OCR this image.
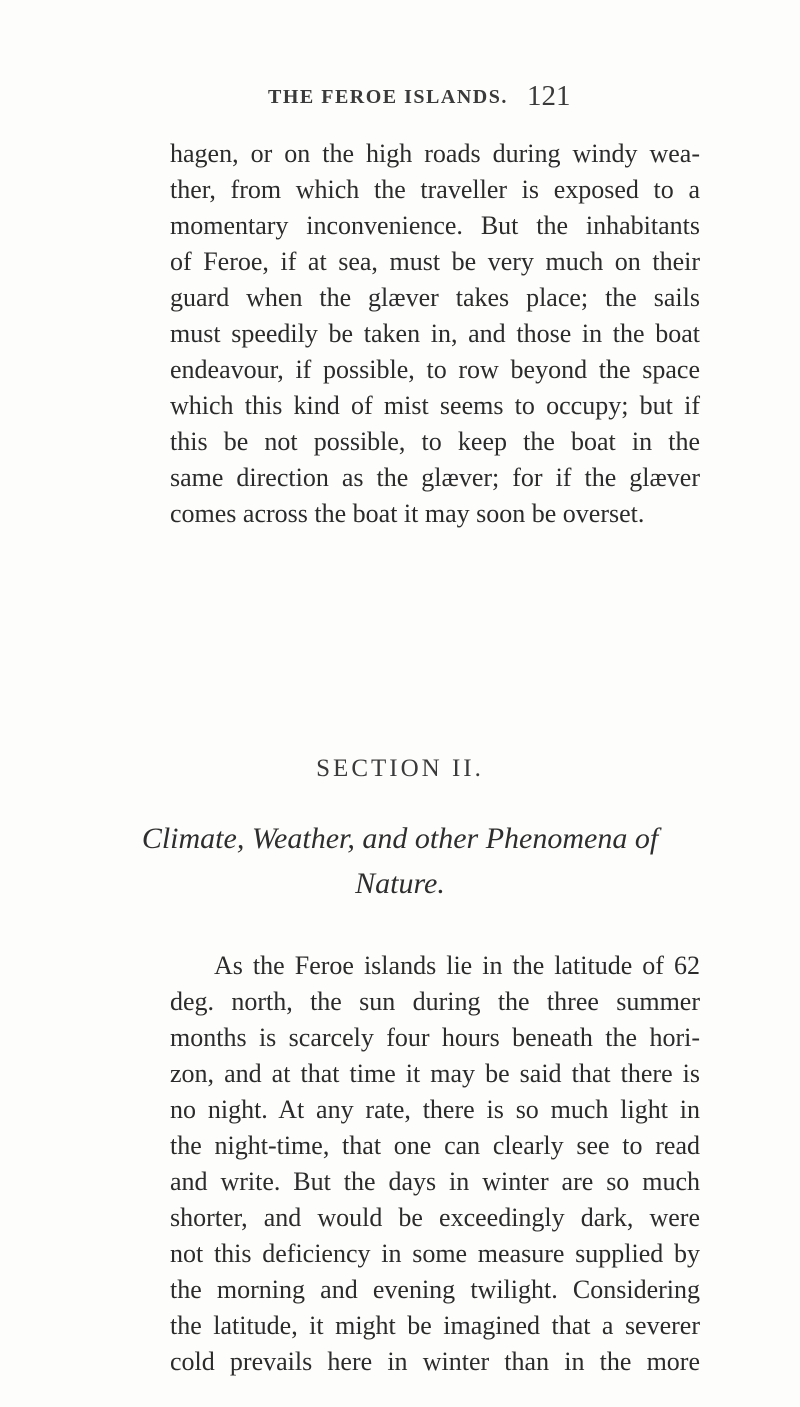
THE FEROE ISLANDS. 121
hagen, or on the high roads during windy wea-
ther, from which the traveller is exposed to a
momentary inconvenience. But the inhabitants
of Feroe, if at sea, must be very much on their
guard when the glæver takes place; the sails
must speedily be taken in, and those in the boat
endeavour, if possible, to row beyond the space
which this kind of mist seems to occupy; but if
this be not possible, to keep the boat in the
same direction as the glæver; for if the glæver
comes across the boat it may soon be overset.
SECTION II.
Climate, Weather, and other Phenomena of
Nature.
As the Feroe islands lie in the latitude of 62
deg. north, the sun during the three summer
months is scarcely four hours beneath the hori-
zon, and at that time it may be said that there is
no night. At any rate, there is so much light in
the night-time, that one can clearly see to read
and write. But the days in winter are so much
shorter, and would be exceedingly dark, were
not this deficiency in some measure supplied by
the morning and evening twilight. Considering
the latitude, it might be imagined that a severer
cold prevails here in winter than in the more
